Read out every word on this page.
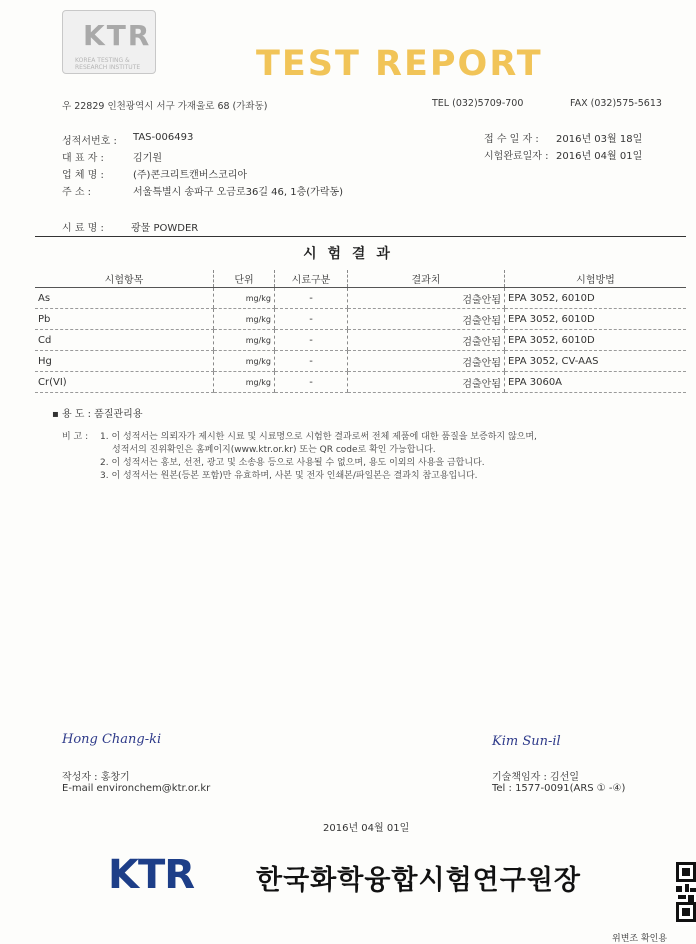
KTR
KOREA TESTING & RESEARCH INSTITUTE	TEST REPORT
우 22829 인천광역시 서구 가재울로 68 (가좌동)	TEL (032)5709-700	FAX (032)575-5613
성적서번호 : TAS-006493
대 표 자 :	김기원
업 체 명 :	(주)콘크리트캔버스코리아
주 소 :	서울특별시 송파구 오금로36길 46, 1층(가락동)
접 수 일 자 : 2016년 03월 18일
시험완료일자 : 2016년 04월 01일
시 료 명 :	광물 POWDER
시 험 결 과
시험항목	단위	시료구분	결과치	시험방법
As	mg/kg	-	검출안됨	EPA 3052, 6010D
Pb	mg/kg	-	검출안됨	EPA 3052, 6010D
Cd	mg/kg	-	검출안됨	EPA 3052, 6010D
Hg	mg/kg	-	검출안됨	EPA 3052, CV-AAS
Cr(VI)	mg/kg	-	검출안됨	EPA 3060A
▪ 용 도 : 품질관리용
비 고 : 1. 이 성적서는 의뢰자가 제시한 시료 및 시료명으로 시험한 결과로써 전체 제품에 대한 품질을 보증하지 않으며,
성적서의 진위확인은 홈페이지(www.ktr.or.kr) 또는 QR code로 확인 가능합니다.
2. 이 성적서는 홍보, 선전, 광고 및 소송용 등으로 사용될 수 없으며, 용도 이외의 사용을 금합니다.
3. 이 성적서는 원본(등본 포함)만 유효하며, 사본 및 전자 인쇄본/파일본은 결과치 참고용입니다.
Hong Chang-ki
작성자 : 홍창기
E-mail environchem@ktr.or.kr
Kim Sun-il
기술책임자 : 김선일
Tel : 1577-0091(ARS ① -④)
2016년 04월 01일
KTR 한국화학융합시험연구원장
위변조 확인용
